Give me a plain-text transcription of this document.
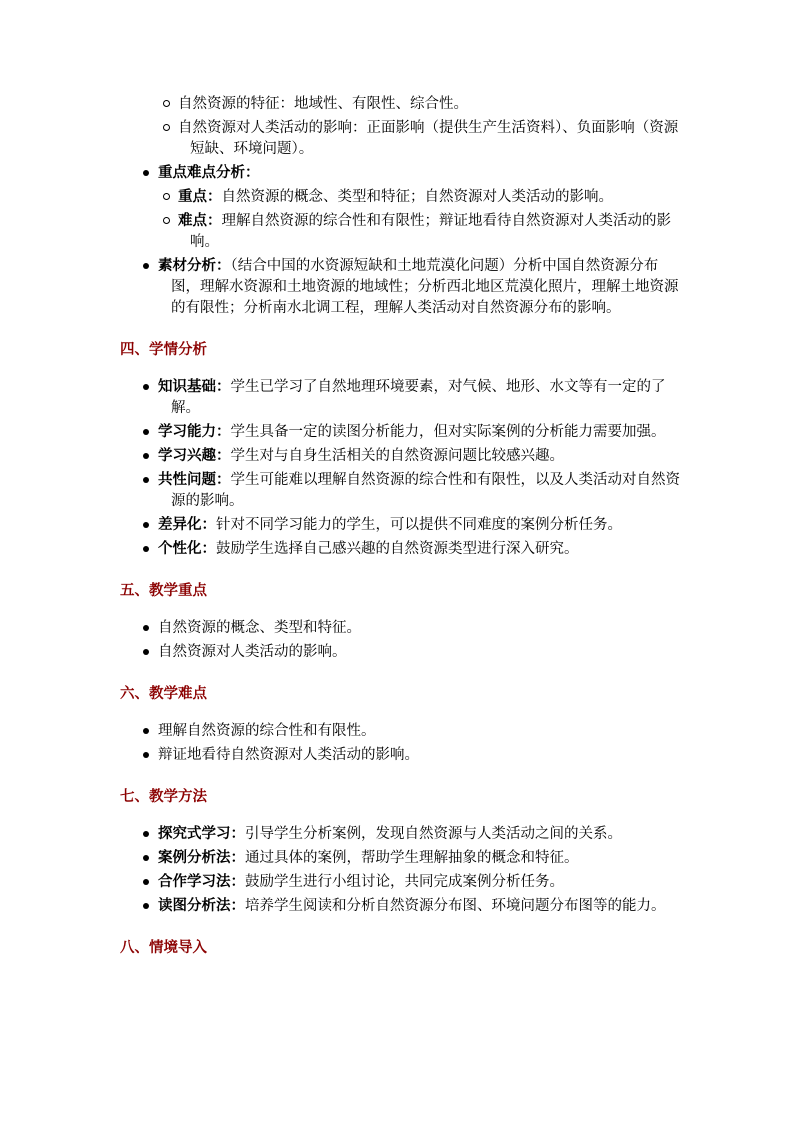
自然资源的特征：地域性、有限性、综合性。
自然资源对人类活动的影响：正面影响（提供生产生活资料）、负面影响（资源短缺、环境问题）。
重点难点分析：
重点：自然资源的概念、类型和特征；自然资源对人类活动的影响。
难点：理解自然资源的综合性和有限性；辩证地看待自然资源对人类活动的影响。
素材分析：（结合中国的水资源短缺和土地荒漠化问题）分析中国自然资源分布图，理解水资源和土地资源的地域性；分析西北地区荒漠化照片，理解土地资源的有限性；分析南水北调工程，理解人类活动对自然资源分布的影响。
四、学情分析
知识基础：学生已学习了自然地理环境要素，对气候、地形、水文等有一定的了解。
学习能力：学生具备一定的读图分析能力，但对实际案例的分析能力需要加强。
学习兴趣：学生对与自身生活相关的自然资源问题比较感兴趣。
共性问题：学生可能难以理解自然资源的综合性和有限性，以及人类活动对自然资源的影响。
差异化：针对不同学习能力的学生，可以提供不同难度的案例分析任务。
个性化：鼓励学生选择自己感兴趣的自然资源类型进行深入研究。
五、教学重点
自然资源的概念、类型和特征。
自然资源对人类活动的影响。
六、教学难点
理解自然资源的综合性和有限性。
辩证地看待自然资源对人类活动的影响。
七、教学方法
探究式学习：引导学生分析案例，发现自然资源与人类活动之间的关系。
案例分析法：通过具体的案例，帮助学生理解抽象的概念和特征。
合作学习法：鼓励学生进行小组讨论，共同完成案例分析任务。
读图分析法：培养学生阅读和分析自然资源分布图、环境问题分布图等的能力。
八、情境导入
